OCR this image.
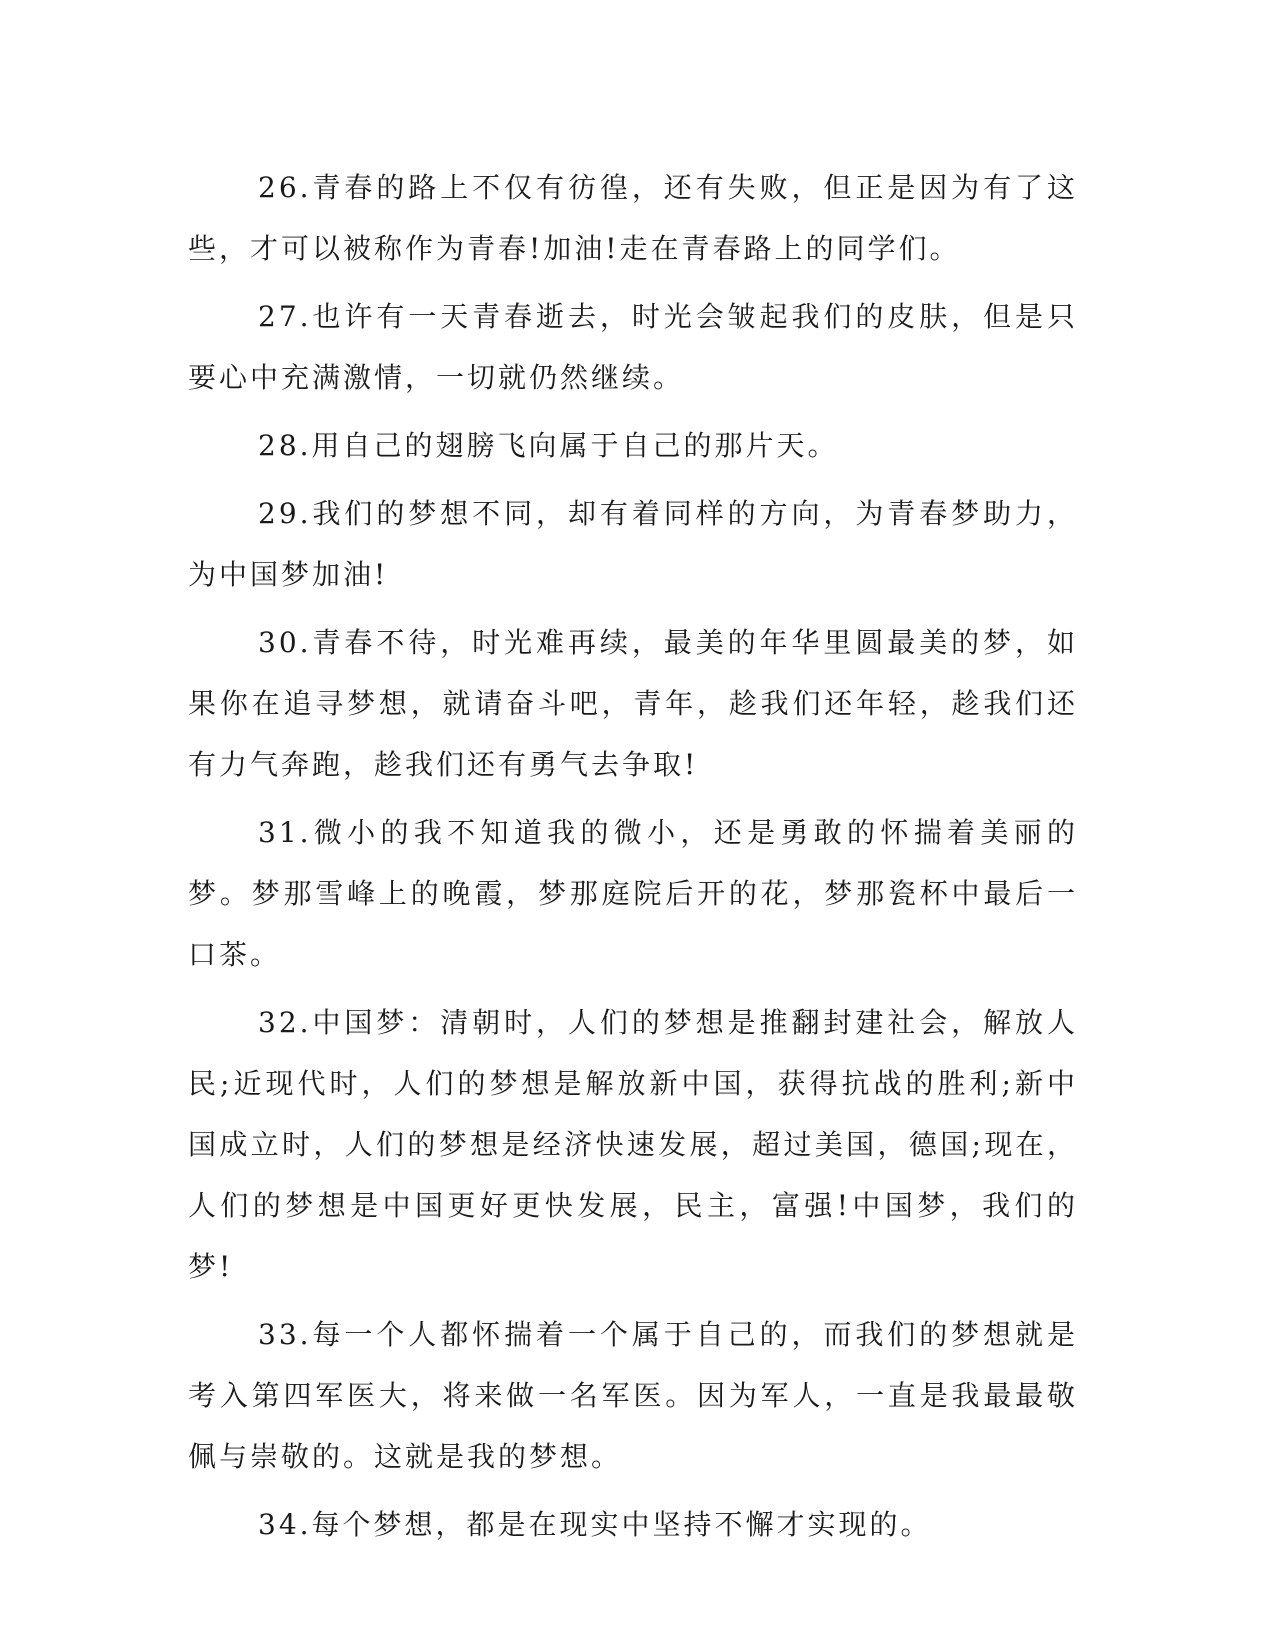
26.青春的路上不仅有彷徨，还有失败，但正是因为有了这些，才可以被称作为青春!加油!走在青春路上的同学们。

27.也许有一天青春逝去，时光会皱起我们的皮肤，但是只要心中充满激情，一切就仍然继续。

28.用自己的翅膀飞向属于自己的那片天。

29.我们的梦想不同，却有着同样的方向，为青春梦助力，为中国梦加油!

30.青春不待，时光难再续，最美的年华里圆最美的梦，如果你在追寻梦想，就请奋斗吧，青年，趁我们还年轻，趁我们还有力气奔跑，趁我们还有勇气去争取!

31.微小的我不知道我的微小，还是勇敢的怀揣着美丽的梦。梦那雪峰上的晚霞，梦那庭院后开的花，梦那瓷杯中最后一口茶。

32.中国梦：清朝时，人们的梦想是推翻封建社会，解放人民;近现代时，人们的梦想是解放新中国，获得抗战的胜利;新中国成立时，人们的梦想是经济快速发展，超过美国，德国;现在，人们的梦想是中国更好更快发展，民主，富强!中国梦，我们的梦!

33.每一个人都怀揣着一个属于自己的，而我们的梦想就是考入第四军医大，将来做一名军医。因为军人，一直是我最最敬佩与崇敬的。这就是我的梦想。

34.每个梦想，都是在现实中坚持不懈才实现的。
